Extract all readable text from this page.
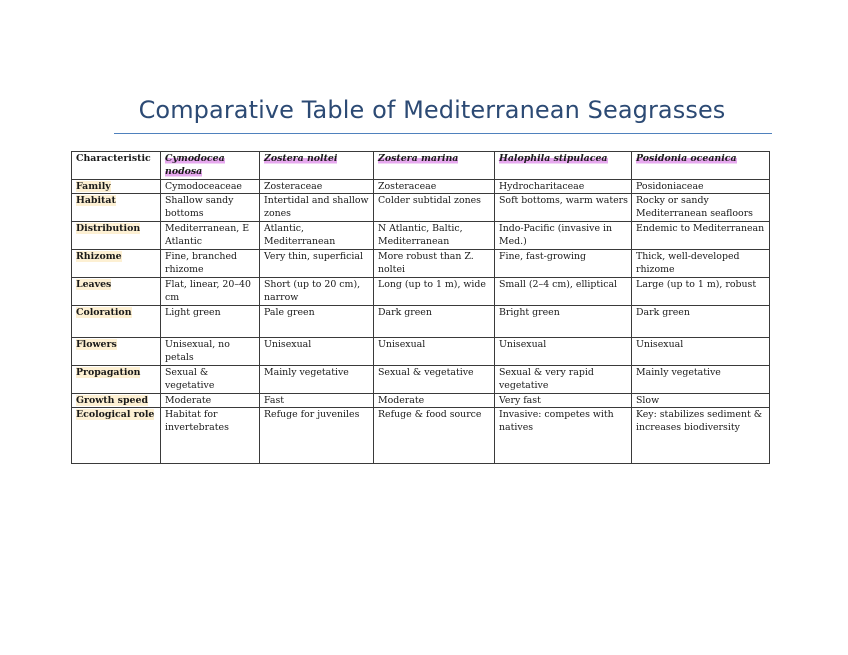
Comparative Table of Mediterranean Seagrasses
Characteristic	Cymodocea nodosa	Zostera noltei	Zostera marina	Halophila stipulacea	Posidonia oceanica
Family	Cymodoceaceae	Zosteraceae	Zosteraceae	Hydrocharitaceae	Posidoniaceae
Habitat	Shallow sandy bottoms	Intertidal and shallow zones	Colder subtidal zones	Soft bottoms, warm waters	Rocky or sandy Mediterranean seafloors
Distribution	Mediterranean, E Atlantic	Atlantic, Mediterranean	N Atlantic, Baltic, Mediterranean	Indo-Pacific (invasive in Med.)	Endemic to Mediterranean
Rhizome	Fine, branched rhizome	Very thin, superficial	More robust than Z. noltei	Fine, fast-growing	Thick, well-developed rhizome
Leaves	Flat, linear, 20–40 cm	Short (up to 20 cm), narrow	Long (up to 1 m), wide	Small (2–4 cm), elliptical	Large (up to 1 m), robust
Coloration	Light green	Pale green	Dark green	Bright green	Dark green
Flowers	Unisexual, no petals	Unisexual	Unisexual	Unisexual	Unisexual
Propagation	Sexual & vegetative	Mainly vegetative	Sexual & vegetative	Sexual & very rapid vegetative	Mainly vegetative
Growth speed	Moderate	Fast	Moderate	Very fast	Slow
Ecological role	Habitat for invertebrates	Refuge for juveniles	Refuge & food source	Invasive: competes with natives	Key: stabilizes sediment & increases biodiversity
